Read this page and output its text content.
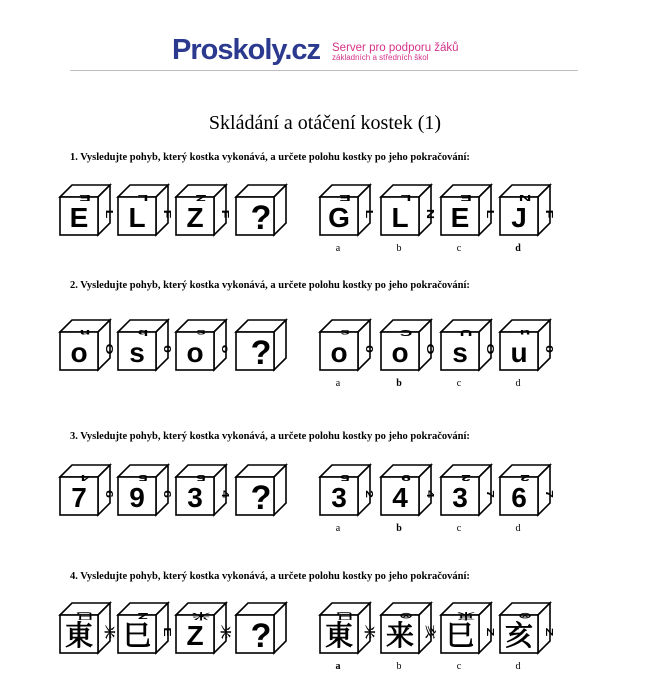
Proskoly.cz Server pro podporu žáků
základních a středních škol
Skládání a otáčení kostek (1)
1. Vysledujte pohyb, který kostka vykonává, a určete polohu kostky po jeho pokračování:
2. Vysledujte pohyb, který kostka vykonává, a určete polohu kostky po jeho pokračování:
3. Vysledujte pohyb, který kostka vykonává, a určete polohu kostky po jeho pokračování:
4. Vysledujte pohyb, který kostka vykonává, a určete polohu kostky po jeho pokračování:
E
E
L L
L
F Z
Z
F ? G
E
L
a
L
L
N
b
E
E
L
c
J
N
F
d
o
n
O s
b
0 o
s
o ? o
s
0
a
o
C
O
b
s
U
O
c
u
u
0
d
7
4
6 9
5
6 3
5
4 ? 3
5
2
a
4
9
4
b
3
2
7
c
6
2
7
d
東
巳
米 巳
Z
E Z
米
米 ? 東
巳
米
a
来
⊗
亥
b
巳
東
Z
c
亥
⊗
Z
d
